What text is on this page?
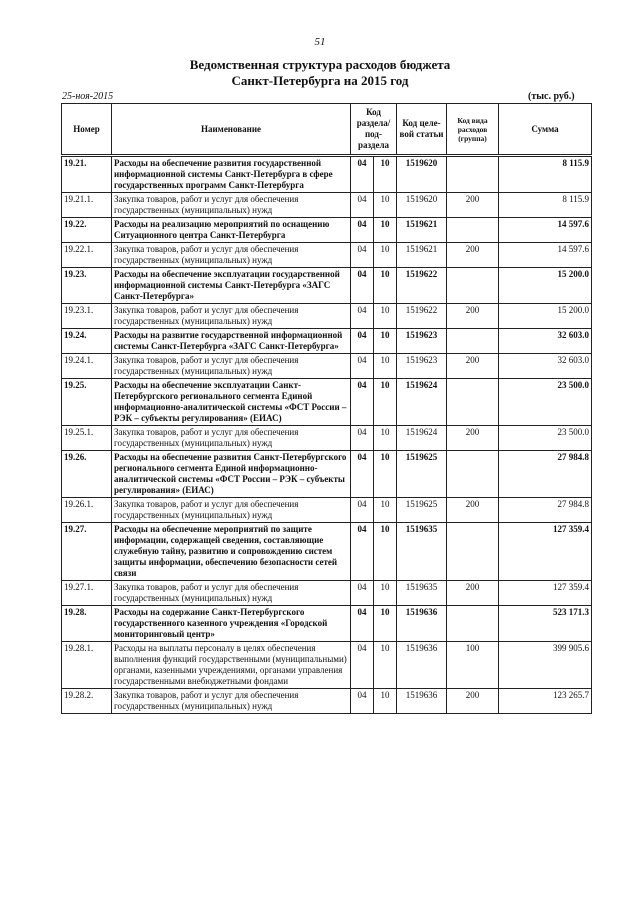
51
Ведомственная структура расходов бюджета
Санкт-Петербурга на 2015 год
25-ноя-2015	(тыс. руб.)
Номер	Наименование	Код раздела/ под- раздела		Код целе- вой статьи	Код вида расходов (группа)	Сумма
19.21.	Расходы на обеспечение развития государственной информационной системы Санкт-Петербурга в сфере государственных программ Санкт-Петербурга	04	10	1519620		8 115.9
19.21.1.	Закупка товаров, работ и услуг для обеспечения государственных (муниципальных) нужд	04	10	1519620	200	8 115.9
19.22.	Расходы на реализацию мероприятий по оснащению Ситуационного центра Санкт-Петербурга	04	10	1519621		14 597.6
19.22.1.	Закупка товаров, работ и услуг для обеспечения государственных (муниципальных) нужд	04	10	1519621	200	14 597.6
19.23.	Расходы на обеспечение эксплуатации государственной информационной системы Санкт-Петербурга «ЗАГС Санкт-Петербурга»	04	10	1519622		15 200.0
19.23.1.	Закупка товаров, работ и услуг для обеспечения государственных (муниципальных) нужд	04	10	1519622	200	15 200.0
19.24.	Расходы на развитие государственной информационной системы Санкт-Петербурга «ЗАГС Санкт-Петербурга»	04	10	1519623		32 603.0
19.24.1.	Закупка товаров, работ и услуг для обеспечения государственных (муниципальных) нужд	04	10	1519623	200	32 603.0
19.25.	Расходы на обеспечение эксплуатации Санкт-Петербургского регионального сегмента Единой информационно-аналитической системы «ФСТ России – РЭК – субъекты регулирования» (ЕИАС)	04	10	1519624		23 500.0
19.25.1.	Закупка товаров, работ и услуг для обеспечения государственных (муниципальных) нужд	04	10	1519624	200	23 500.0
19.26.	Расходы на обеспечение развития Санкт-Петербургского регионального сегмента Единой информационно-аналитической системы «ФСТ России – РЭК – субъекты регулирования» (ЕИАС)	04	10	1519625		27 984.8
19.26.1.	Закупка товаров, работ и услуг для обеспечения государственных (муниципальных) нужд	04	10	1519625	200	27 984.8
19.27.	Расходы на обеспечение мероприятий по защите информации, содержащей сведения, составляющие служебную тайну, развитию и сопровождению систем защиты информации, обеспечению безопасности сетей связи	04	10	1519635		127 359.4
19.27.1.	Закупка товаров, работ и услуг для обеспечения государственных (муниципальных) нужд	04	10	1519635	200	127 359.4
19.28.	Расходы на содержание Санкт-Петербургского государственного казенного учреждения «Городской мониторинговый центр»	04	10	1519636		523 171.3
19.28.1.	Расходы на выплаты персоналу в целях обеспечения выполнения функций государственными (муниципальными) органами, казенными учреждениями, органами управления государственными внебюджетными фондами	04	10	1519636	100	399 905.6
19.28.2.	Закупка товаров, работ и услуг для обеспечения государственных (муниципальных) нужд	04	10	1519636	200	123 265.7
